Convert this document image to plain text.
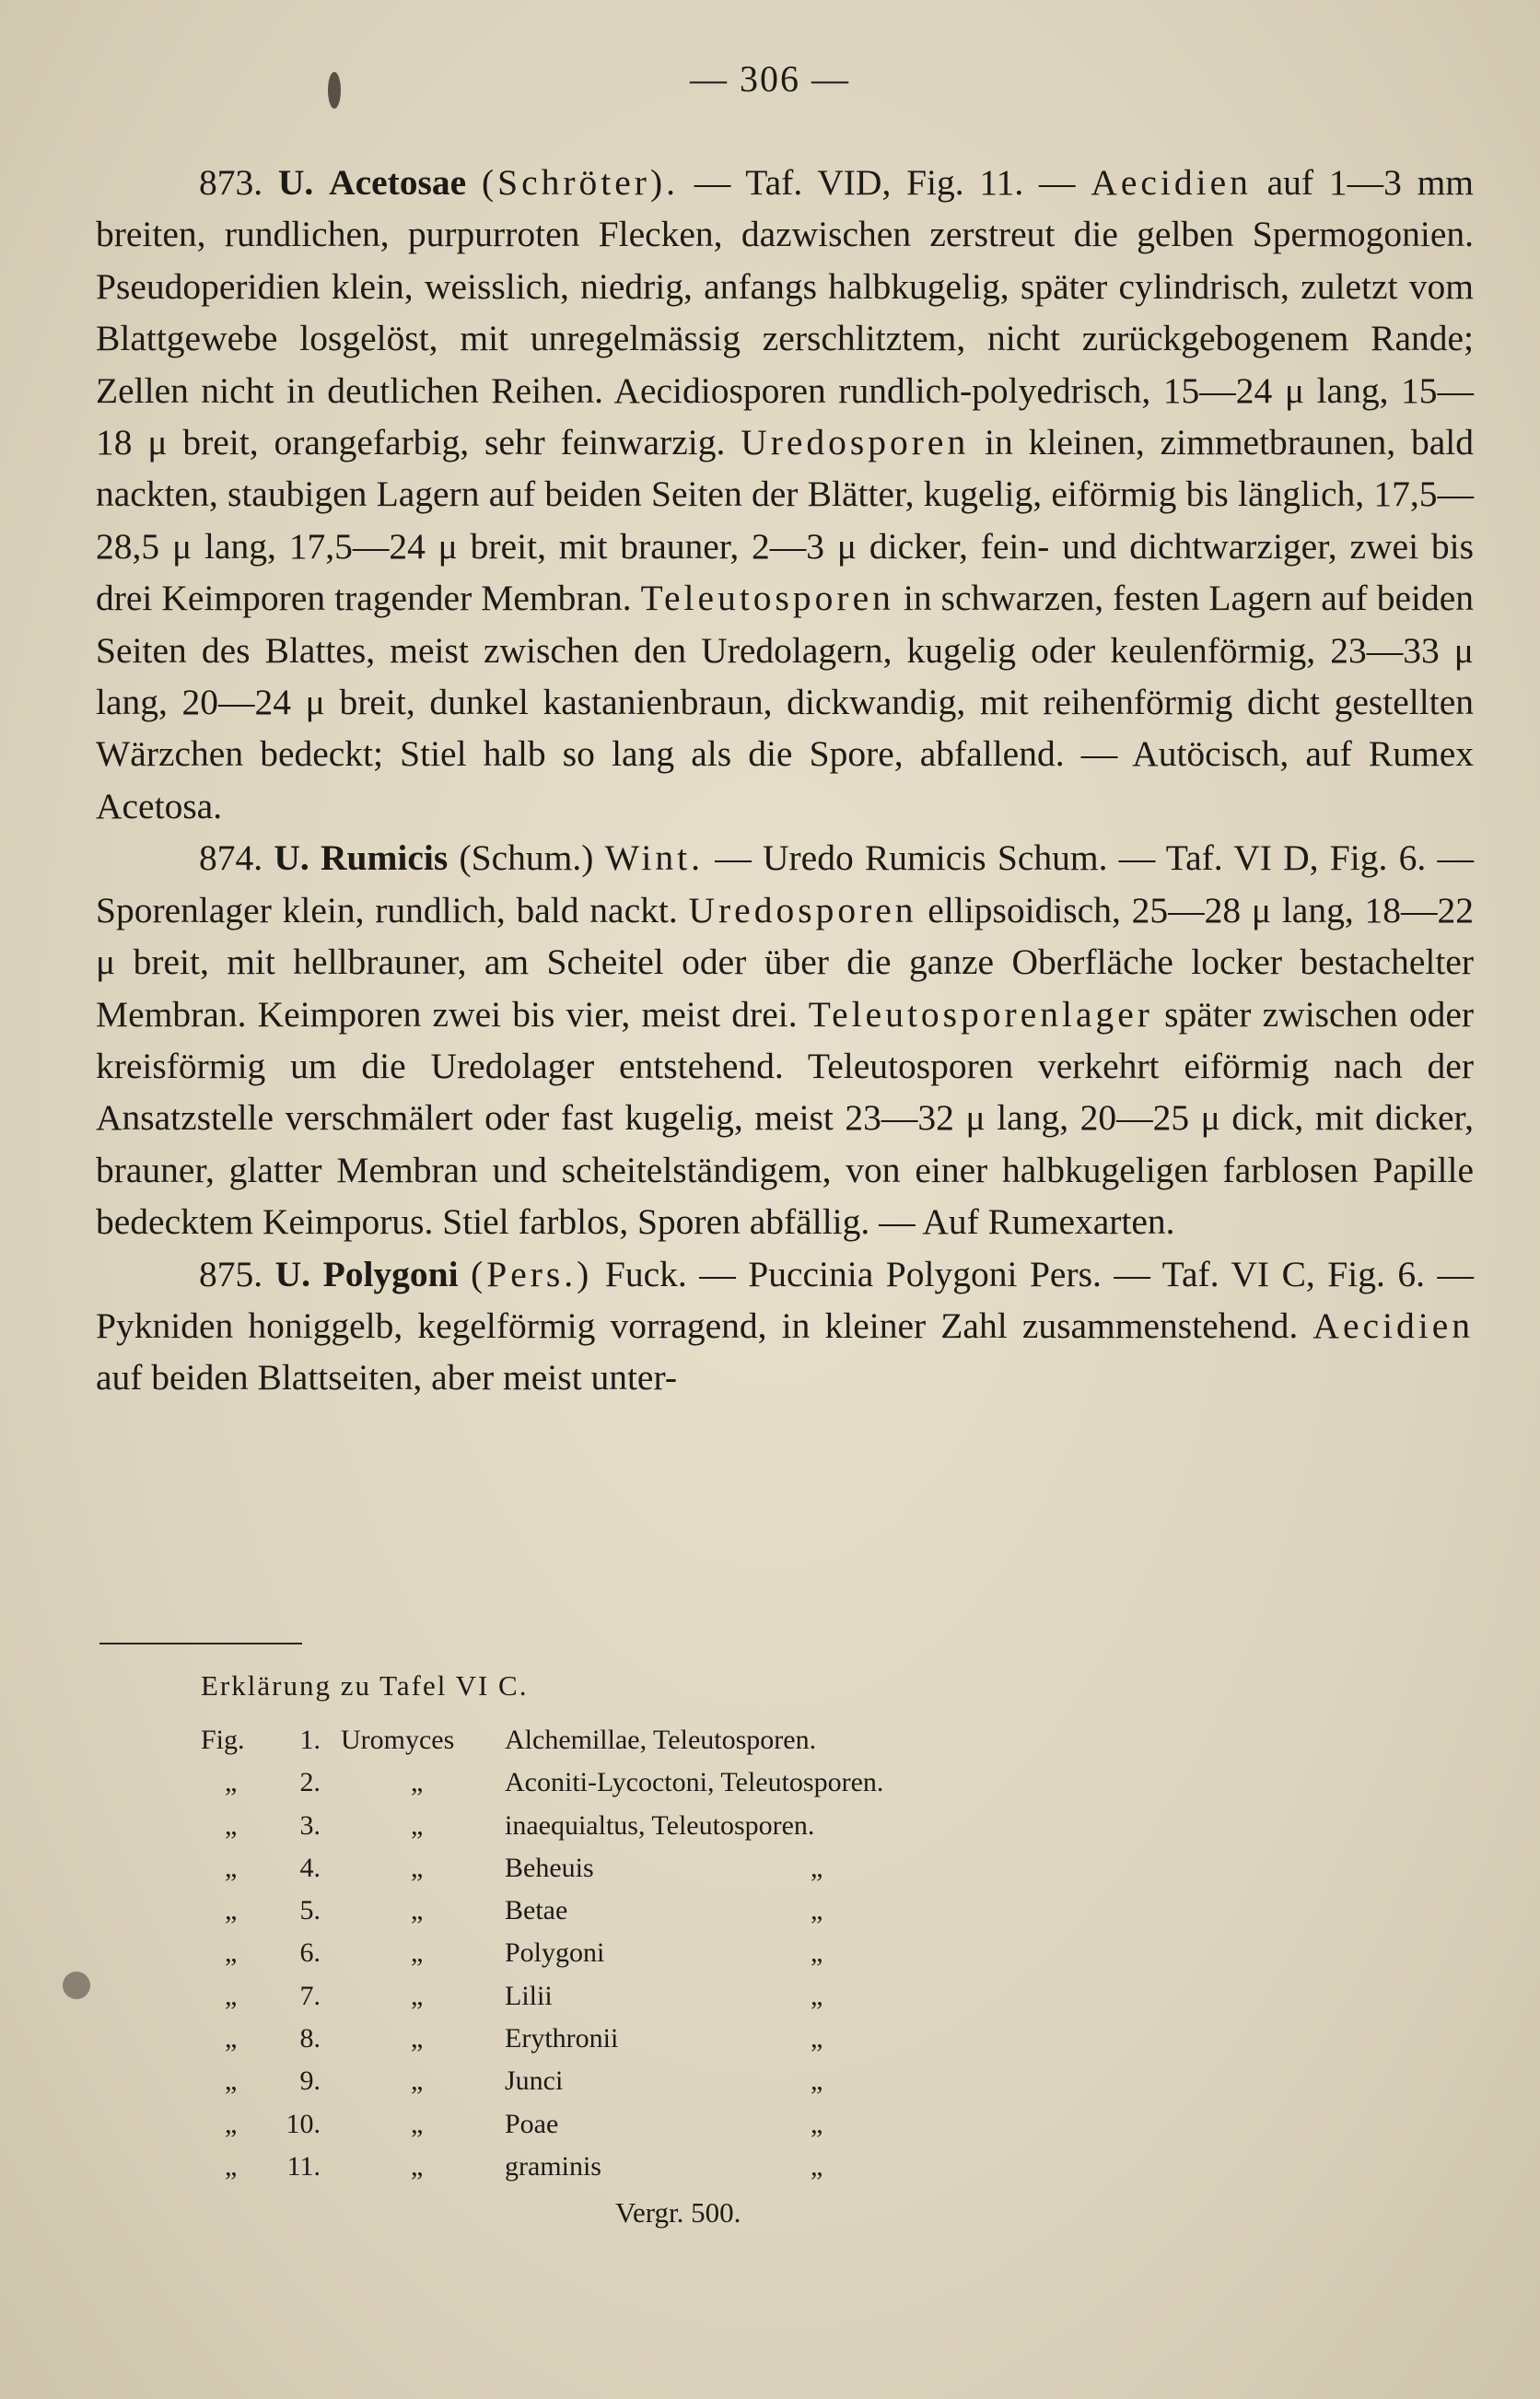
— 306 —

873. U. Acetosae (Schröter). — Taf. VID, Fig. 11. — Aecidien auf 1—3 mm breiten, rundlichen, purpurroten Flecken, dazwischen zerstreut die gelben Spermogonien. Pseudoperidien klein, weisslich, niedrig, anfangs halbkugelig, später cylindrisch, zuletzt vom Blattgewebe losgelöst, mit unregelmässig zerschlitztem, nicht zurückgebogenem Rande; Zellen nicht in deutlichen Reihen. Aecidiosporen rundlich-polyedrisch, 15—24 μ lang, 15—18 μ breit, orangefarbig, sehr feinwarzig. Uredosporen in kleinen, zimmetbraunen, bald nackten, staubigen Lagern auf beiden Seiten der Blätter, kugelig, eiförmig bis länglich, 17,5—28,5 μ lang, 17,5—24 μ breit, mit brauner, 2—3 μ dicker, fein- und dichtwarziger, zwei bis drei Keimporen tragender Membran. Teleutosporen in schwarzen, festen Lagern auf beiden Seiten des Blattes, meist zwischen den Uredolagern, kugelig oder keulenförmig, 23—33 μ lang, 20—24 μ breit, dunkel kastanienbraun, dickwandig, mit reihenförmig dicht gestellten Wärzchen bedeckt; Stiel halb so lang als die Spore, abfallend. — Autöcisch, auf Rumex Acetosa.

874. U. Rumicis (Schum.) Wint. — Uredo Rumicis Schum. — Taf. VI D, Fig. 6. — Sporenlager klein, rundlich, bald nackt. Uredosporen ellipsoidisch, 25—28 μ lang, 18—22 μ breit, mit hellbrauner, am Scheitel oder über die ganze Oberfläche locker bestachelter Membran. Keimporen zwei bis vier, meist drei. Teleutosporenlager später zwischen oder kreisförmig um die Uredolager entstehend. Teleutosporen verkehrt eiförmig nach der Ansatzstelle verschmälert oder fast kugelig, meist 23—32 μ lang, 20—25 μ dick, mit dicker, brauner, glatter Membran und scheitelständigem, von einer halbkugeligen farblosen Papille bedecktem Keimporus. Stiel farblos, Sporen abfällig. — Auf Rumexarten.

875. U. Polygoni (Pers.) Fuck. — Puccinia Polygoni Pers. — Taf. VI C, Fig. 6. — Pykniden honiggelb, kegelförmig vorragend, in kleiner Zahl zusammenstehend. Aecidien auf beiden Blattseiten, aber meist unter-

Erklärung zu Tafel VI C.
Fig.	1. Uromyces Alchemillae, Teleutosporen.
„	2.	„	Aconiti-Lycoctoni, Teleutosporen.
„	3.	„	inaequialtus, Teleutosporen.
„	4.	„	Beheuis	„
„	5.	„	Betae	„
„	6.	„	Polygoni	„
„	7.	„	Lilii	„
„	8.	„	Erythronii	„
„	9.	„	Junci	„
„	10.	„	Poae	„
„	11.	„	graminis	„
Vergr. 500.
